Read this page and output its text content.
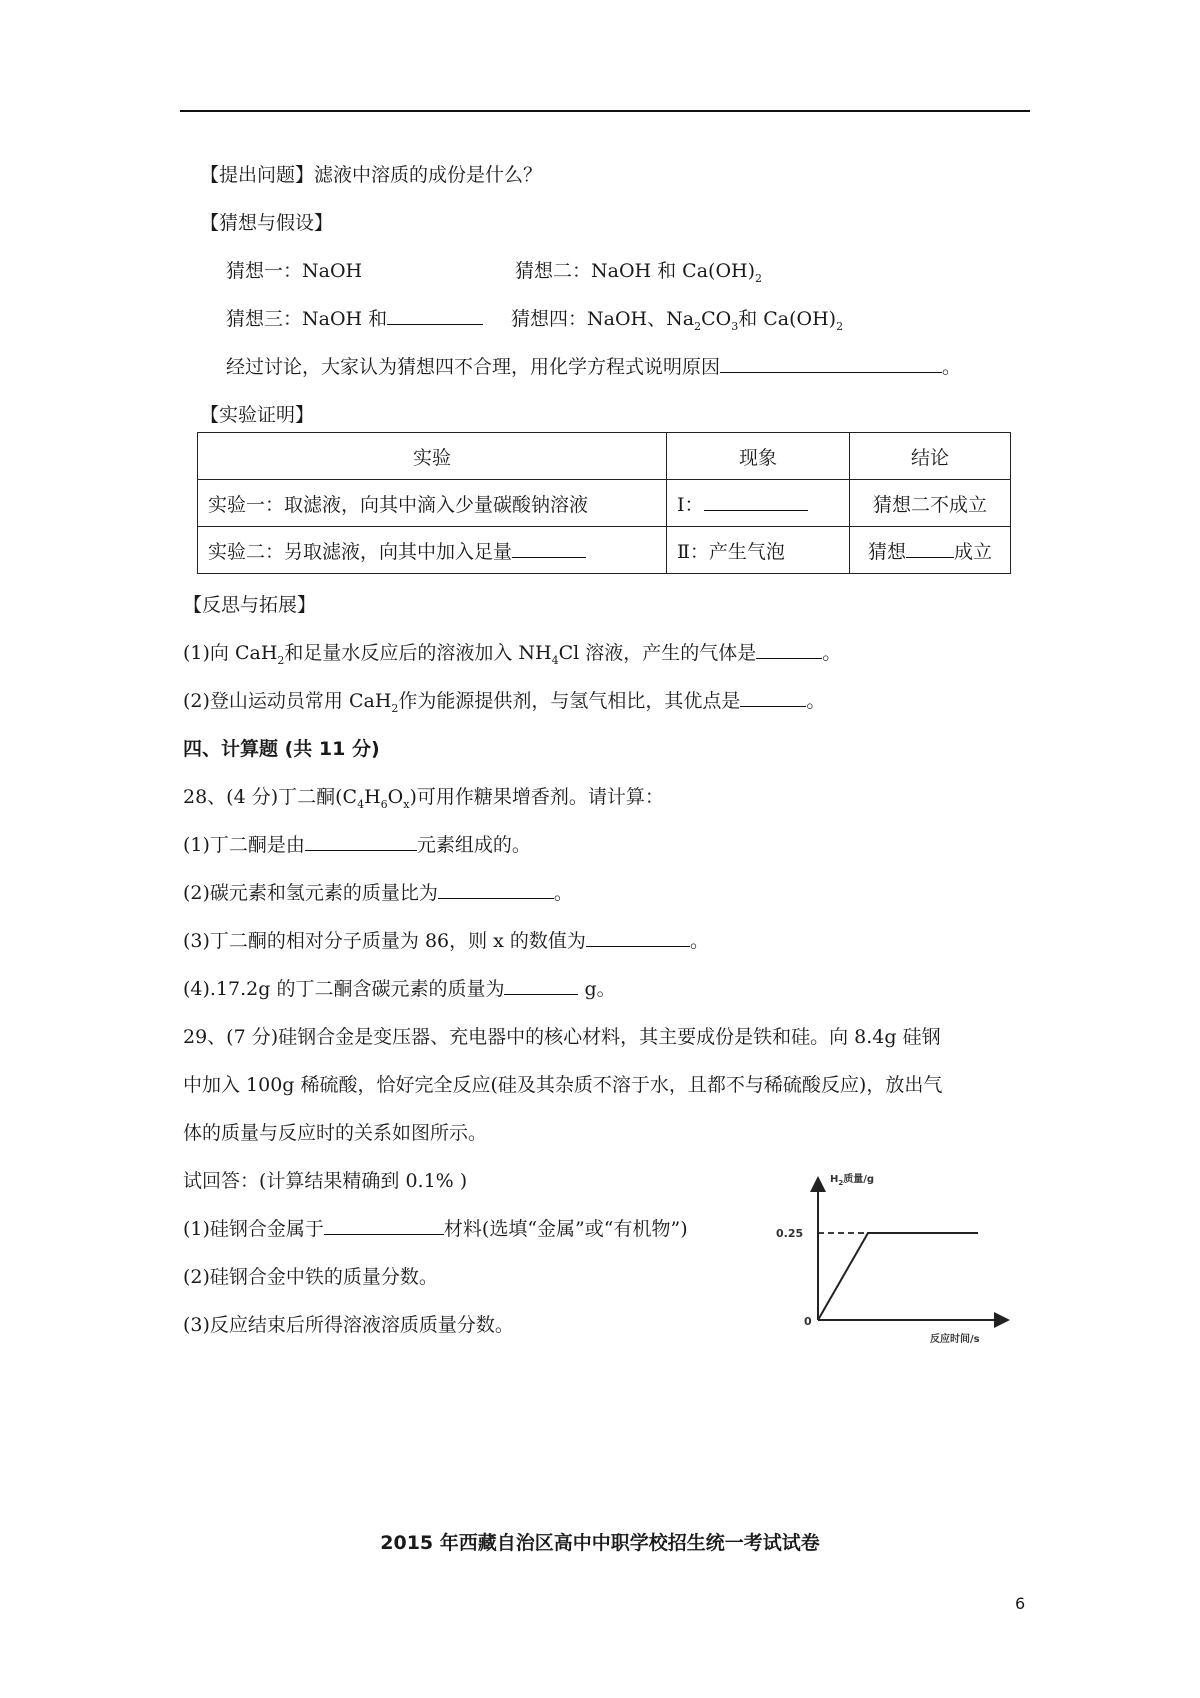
【提出问题】滤液中溶质的成份是什么？
【猜想与假设】
猜想一：NaOH	猜想二：NaOH 和 $Ca(OH)_2$
猜想三：NaOH 和	猜想四：NaOH、$Na_2CO_3$和 $Ca(OH)_2$
经过讨论，大家认为猜想四不合理，用化学方程式说明原因	。
【实验证明】
实验	现象	结论
实验一：取滤液，向其中滴入少量碳酸钠溶液	Ⅰ：	猜想二不成立
实验二：另取滤液，向其中加入足量	Ⅱ：产生气泡	猜想 成立
【反思与拓展】
(1)向 CaH$_2$和足量水反应后的溶液加入 $NH_4Cl$ 溶液，产生的气体是	。
(2)登山运动员常用 CaH$_2$作为能源提供剂，与氢气相比，其优点是	。
四、计算题 (共 11 分)
28、(4 分)丁二酮$(C_4H_6O_x)$可用作糖果增香剂。请计算：
(1)丁二酮是由	元素组成的。
(2)碳元素和氢元素的质量比为	。
(3)丁二酮的相对分子质量为 86，则 x 的数值为	。
(4).17.2g 的丁二酮含碳元素的质量为	g。
29、(7 分)硅钢合金是变压器、充电器中的核心材料，其主要成份是铁和硅。向 8.4g 硅钢
中加入 100g 稀硫酸，恰好完全反应(硅及其杂质不溶于水，且都不与稀硫酸反应)，放出气
体的质量与反应时的关系如图所示。
试回答：(计算结果精确到 0.1% )
(1)硅钢合金属于	材料(选填“金属”或“有机物”)
(2)硅钢合金中铁的质量分数。
(3)反应结束后所得溶液溶质质量分数。
$H_2$质量/g
0.25
0
反应时间/s
2015 年西藏自治区高中中职学校招生统一考试试卷
6
